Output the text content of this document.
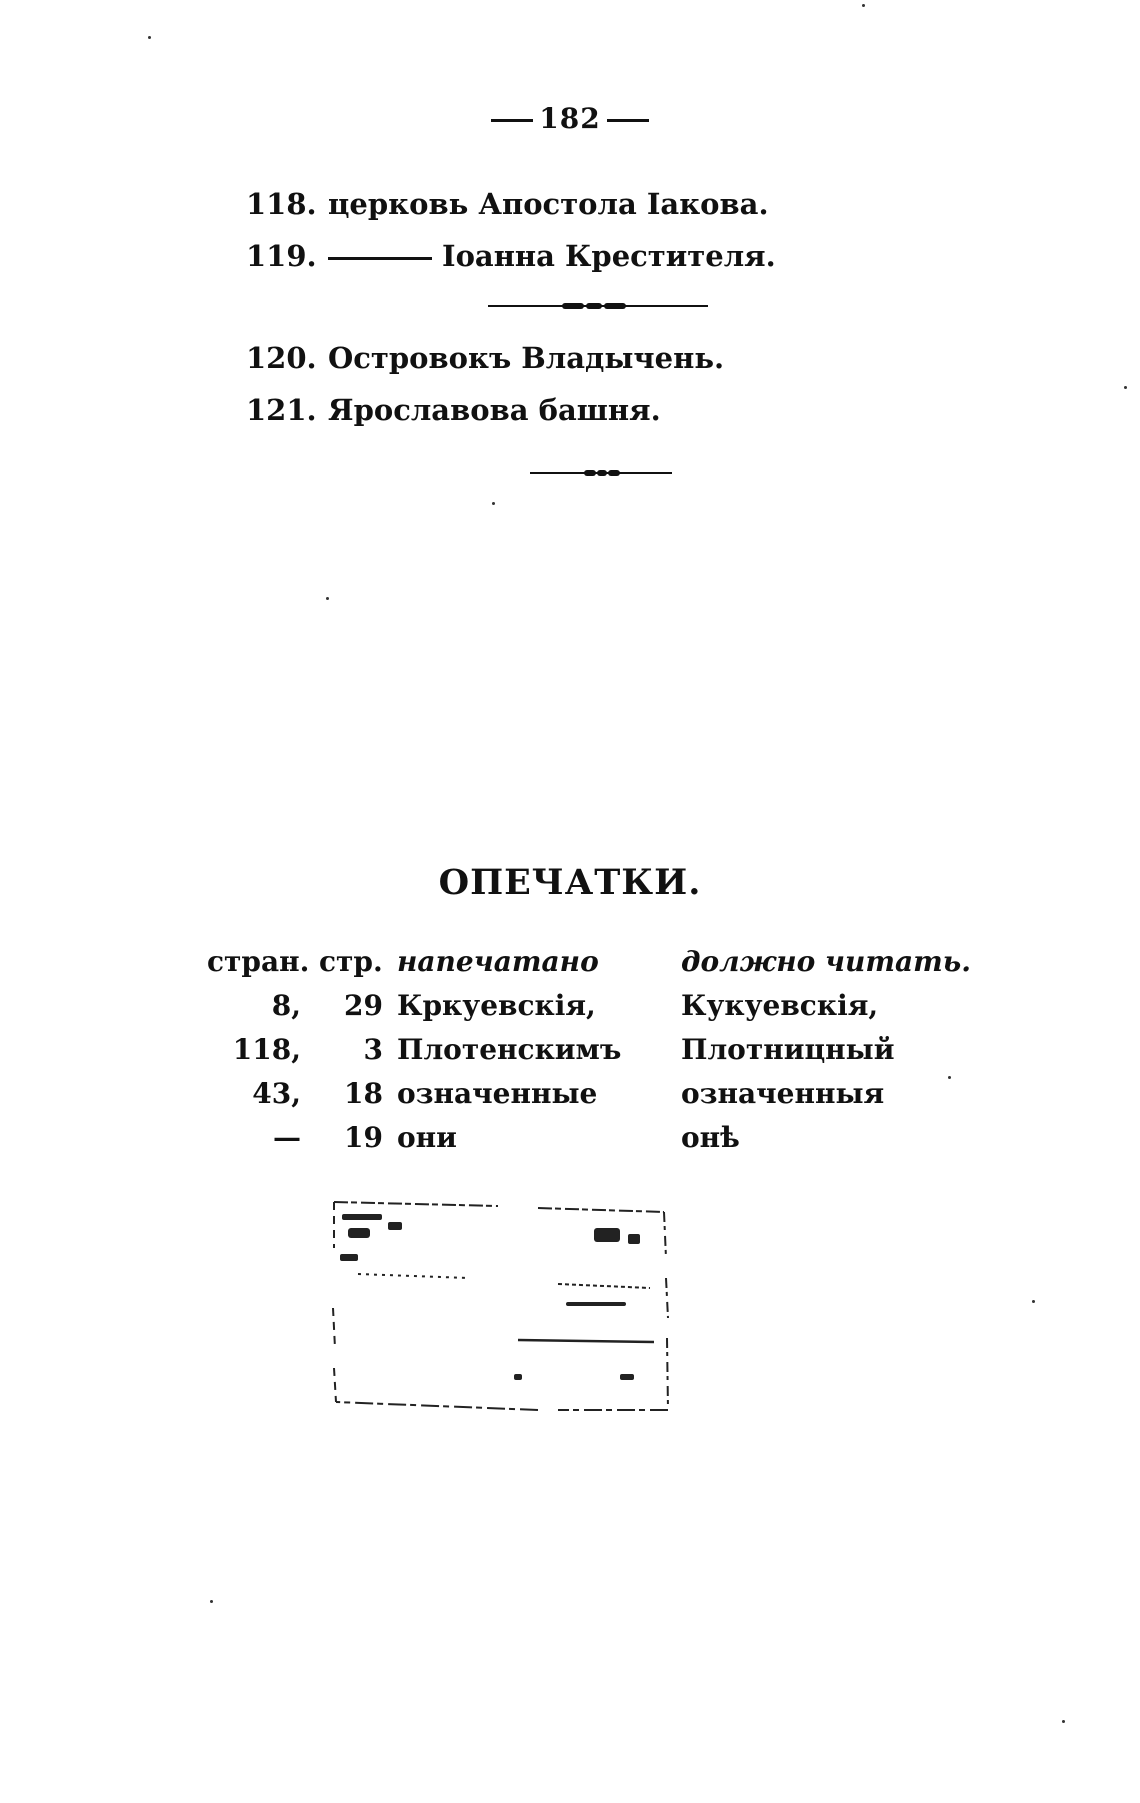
182
118. церковь Апостола Іакова.
119.	Іоанна Крестителя.
120. Островокъ Владычень.
121. Ярославова башня.
ОПЕЧАТКИ.
стран. стр. напечатано	должно читать.
8,	29 Кркуевскія,	Кукуевскія,
118,	3 Плотенскимъ Плотницный
43,	18 означенные	означенныя
—	19 они	онѣ
